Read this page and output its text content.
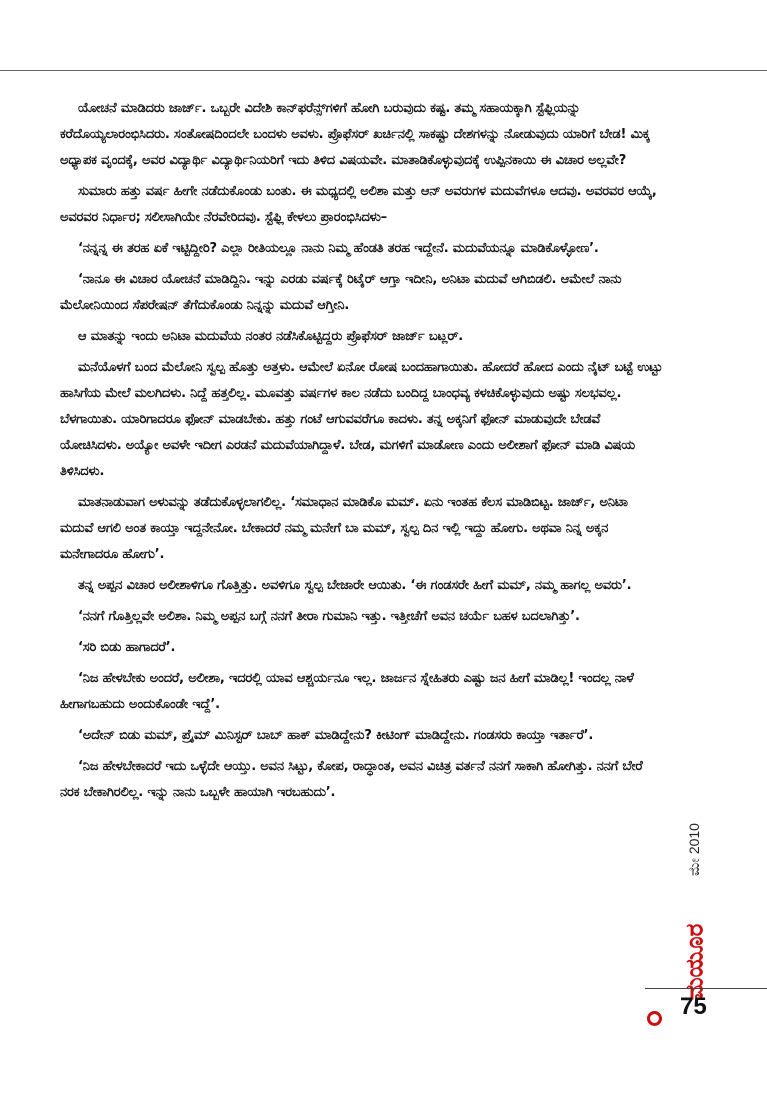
ಯೋಚನೆ ಮಾಡಿದರು ಜಾರ್ಜ್. ಒಬ್ಬರೇ ವಿದೇಶಿ ಕಾನ್‌ಫರೆನ್ಸ್‌ಗಳಿಗೆ ಹೋಗಿ ಬರುವುದು ಕಷ್ಟ. ತಮ್ಮ ಸಹಾಯಕ್ಕಾಗಿ ಸ್ಟೆಫ್ಲಿಯನ್ನು ಕರೆದೊಯ್ಯಲಾರಂಭಿಸಿದರು. ಸಂತೋಷದಿಂದಲೇ ಬಂದಳು ಅವಳು. ಪ್ರೊಫೆಸರ್ ಖರ್ಚಿನಲ್ಲಿ ಸಾಕಷ್ಟು ದೇಶಗಳನ್ನು ನೋಡುವುದು ಯಾರಿಗೆ ಬೇಡ! ಮಿಕ್ಕ ಅಧ್ಯಾಪಕ ವೃಂದಕ್ಕೆ, ಅವರ ವಿದ್ಯಾರ್ಥಿ ವಿದ್ಯಾರ್ಥಿನಿಯರಿಗೆ ಇದು ತಿಳಿದ ವಿಷಯವೇ. ಮಾತಾಡಿಕೊಳ್ಳುವುದಕ್ಕೆ ಉಪ್ಪಿನಕಾಯಿ ಈ ವಿಚಾರ ಅಲ್ಲವೇ?

ಸುಮಾರು ಹತ್ತು ವರ್ಷ ಹೀಗೇ ನಡೆದುಕೊಂಡು ಬಂತು. ಈ ಮಧ್ಯದಲ್ಲಿ ಅಲಿಶಾ ಮತ್ತು ಆನ್ ಅವರುಗಳ ಮದುವೆಗಳೂ ಆದವು. ಅವರವರ ಆಯ್ಕೆ, ಅವರವರ ನಿರ್ಧಾರ; ಸಲೀಸಾಗಿಯೇ ನೆರವೇರಿದವು. ಸ್ಟೆಫ್ಲಿ ಕೇಳಲು ಪ್ರಾರಂಭಿಸಿದಳು–

‘ನನ್ನನ್ನ ಈ ತರಹ ಏಕೆ ಇಟ್ಟಿದ್ದೀರಿ? ಎಲ್ಲಾ ರೀತಿಯಲ್ಲೂ ನಾನು ನಿಮ್ಮ ಹೆಂಡತಿ ತರಹ ಇದ್ದೇನೆ. ಮದುವೆಯನ್ನೂ ಮಾಡಿಕೊಳ್ಳೋಣ’.

‘ನಾನೂ ಈ ವಿಚಾರ ಯೋಚನೆ ಮಾಡಿದ್ದಿನಿ. ಇನ್ನು ಎರಡು ವರ್ಷಕ್ಕೆ ರಿಟೈರ್ ಆಗ್ತಾ ಇದೀನಿ, ಅನಿಟಾ ಮದುವೆ ಆಗಿಬಿಡಲಿ. ಆಮೇಲೆ ನಾನು ಮೆಲೋನಿಯಿಂದ ಸೆಪರೇಷನ್ ತೆಗೆದುಕೊಂಡು ನಿನ್ನನ್ನು ಮದುವೆ ಆಗ್ತೀನಿ.

ಆ ಮಾತನ್ನು ಇಂದು ಅನಿಟಾ ಮದುವೆಯ ನಂತರ ನಡೆಸಿಕೊಟ್ಟಿದ್ದರು ಪ್ರೊಫೆಸರ್ ಜಾರ್ಜ್ ಬಟ್ಲರ್.

ಮನೆಯೊಳಗೆ ಬಂದ ಮೆಲೋನಿ ಸ್ವಲ್ಪ ಹೊತ್ತು ಅತ್ತಳು. ಆಮೇಲೆ ಏನೋ ರೋಷ ಬಂದಹಾಗಾಯಿತು. ಹೋದರೆ ಹೋದ ಎಂದು ನೈಟ್ ಬಟ್ಟೆ ಉಟ್ಟು ಹಾಸಿಗೆಯ ಮೇಲೆ ಮಲಗಿದಳು. ನಿದ್ದೆ ಹತ್ತಲಿಲ್ಲ. ಮೂವತ್ತು ವರ್ಷಗಳ ಕಾಲ ನಡೆದು ಬಂದಿದ್ದ ಬಾಂಧವ್ಯ ಕಳಚಿಕೊಳ್ಳುವುದು ಅಷ್ಟು ಸಲಭವಲ್ಲ. ಬೆಳಗಾಯಿತು. ಯಾರಿಗಾದರೂ ಫೋನ್ ಮಾಡಬೇಕು. ಹತ್ತು ಗಂಟೆ ಆಗುವವರೆಗೂ ಕಾದಳು. ತನ್ನ ಅಕ್ಕನಿಗೆ ಫೋನ್ ಮಾಡುವುದೇ ಬೇಡವೆ ಯೋಚಿಸಿದಳು. ಅಯ್ಯೋ ಅವಳೇ ಇದೀಗ ಎರಡನೆ ಮದುವೆಯಾಗಿದ್ದಾಳೆ. ಬೇಡ, ಮಗಳಿಗೆ ಮಾಡೋಣ ಎಂದು ಅಲೀಶಾಗೆ ಫೋನ್ ಮಾಡಿ ವಿಷಯ ತಿಳಿಸಿದಳು.

ಮಾತನಾಡುವಾಗ ಅಳುವನ್ನು ತಡೆದುಕೊಳ್ಳಲಾಗಲಿಲ್ಲ. ‘ಸಮಾಧಾನ ಮಾಡಿಕೊ ಮಮ್. ಏನು ಇಂತಹ ಕೆಲಸ ಮಾಡಿಬಿಟ್ಟ. ಜಾರ್ಜ್, ಅನಿಟಾ ಮದುವೆ ಆಗಲಿ ಅಂತ ಕಾಯ್ತಾ ಇದ್ದನೇನೋ. ಬೇಕಾದರೆ ನಮ್ಮ ಮನೇಗೆ ಬಾ ಮಮ್, ಸ್ವಲ್ಪ ದಿನ ಇಲ್ಲಿ ಇದ್ದು ಹೋಗು. ಅಥವಾ ನಿನ್ನ ಅಕ್ಕನ ಮನೇಗಾದರೂ ಹೋಗು’.

ತನ್ನ ಅಪ್ಪನ ವಿಚಾರ ಅಲೀಶಾಳಿಗೂ ಗೊತ್ತಿತ್ತು. ಅವಳಿಗೂ ಸ್ವಲ್ಪ ಬೇಜಾರೇ ಆಯಿತು. ‘ಈ ಗಂಡಸರೇ ಹೀಗೆ ಮಮ್, ನಮ್ಮ ಹಾಗಲ್ಲ ಅವರು’.

‘ನನಗೆ ಗೊತ್ತಿಲ್ಲವೇ ಅಲಿಶಾ. ನಿಮ್ಮ ಅಪ್ಪನ ಬಗ್ಗೆ ನನಗೆ ತೀರಾ ಗುಮಾನಿ ಇತ್ತು. ಇತ್ತೀಚೆಗೆ ಅವನ ಚರ್ಯೆ ಬಹಳ ಬದಲಾಗಿತ್ತು’.

‘ಸರಿ ಬಿಡು ಹಾಗಾದರೆ’.

‘ನಿಜ ಹೇಳಬೇಕು ಅಂದರೆ, ಅಲೀಶಾ, ಇದರಲ್ಲಿ ಯಾವ ಆಶ್ಚರ್ಯನೂ ಇಲ್ಲ. ಜಾರ್ಜನ ಸ್ನೇಹಿತರು ಎಷ್ಟು ಜನ ಹೀಗೆ ಮಾಡಿಲ್ಲ! ಇಂದಲ್ಲ ನಾಳೆ ಹೀಗಾಗಬಹುದು ಅಂದುಕೊಂಡೇ ಇದ್ದೆ’.

‘ಅದೇನ್ ಬಿಡು ಮಮ್, ಪ್ರೈಮ್ ಮಿನಿಸ್ಟರ್ ಬಾಬ್ ಹಾಕ್ ಮಾಡಿದ್ದೇನು? ಕೀಟಿಂಗ್ ಮಾಡಿದ್ದೇನು. ಗಂಡಸರು ಕಾಯ್ತಾ ಇರ್ತಾರೆ’.

‘ನಿಜ ಹೇಳಬೇಕಾದರೆ ಇದು ಒಳ್ಳೆದೇ ಆಯ್ತು. ಅವನ ಸಿಟ್ಟು, ಕೋಪ, ರಾದ್ಧಾಂತ, ಅವನ ವಿಚಿತ್ರ ವರ್ತನೆ ನನಗೆ ಸಾಕಾಗಿ ಹೋಗಿತ್ತು. ನನಗೆ ಬೇರೆ ನರಕ ಬೇಕಾಗಿರಲಿಲ್ಲ. ಇನ್ನು ನಾನು ಒಬ್ಬಳೇ ಹಾಯಾಗಿ ಇರಬಹುದು’.

ಮೇ 2010
ಮಯೂರ
75
